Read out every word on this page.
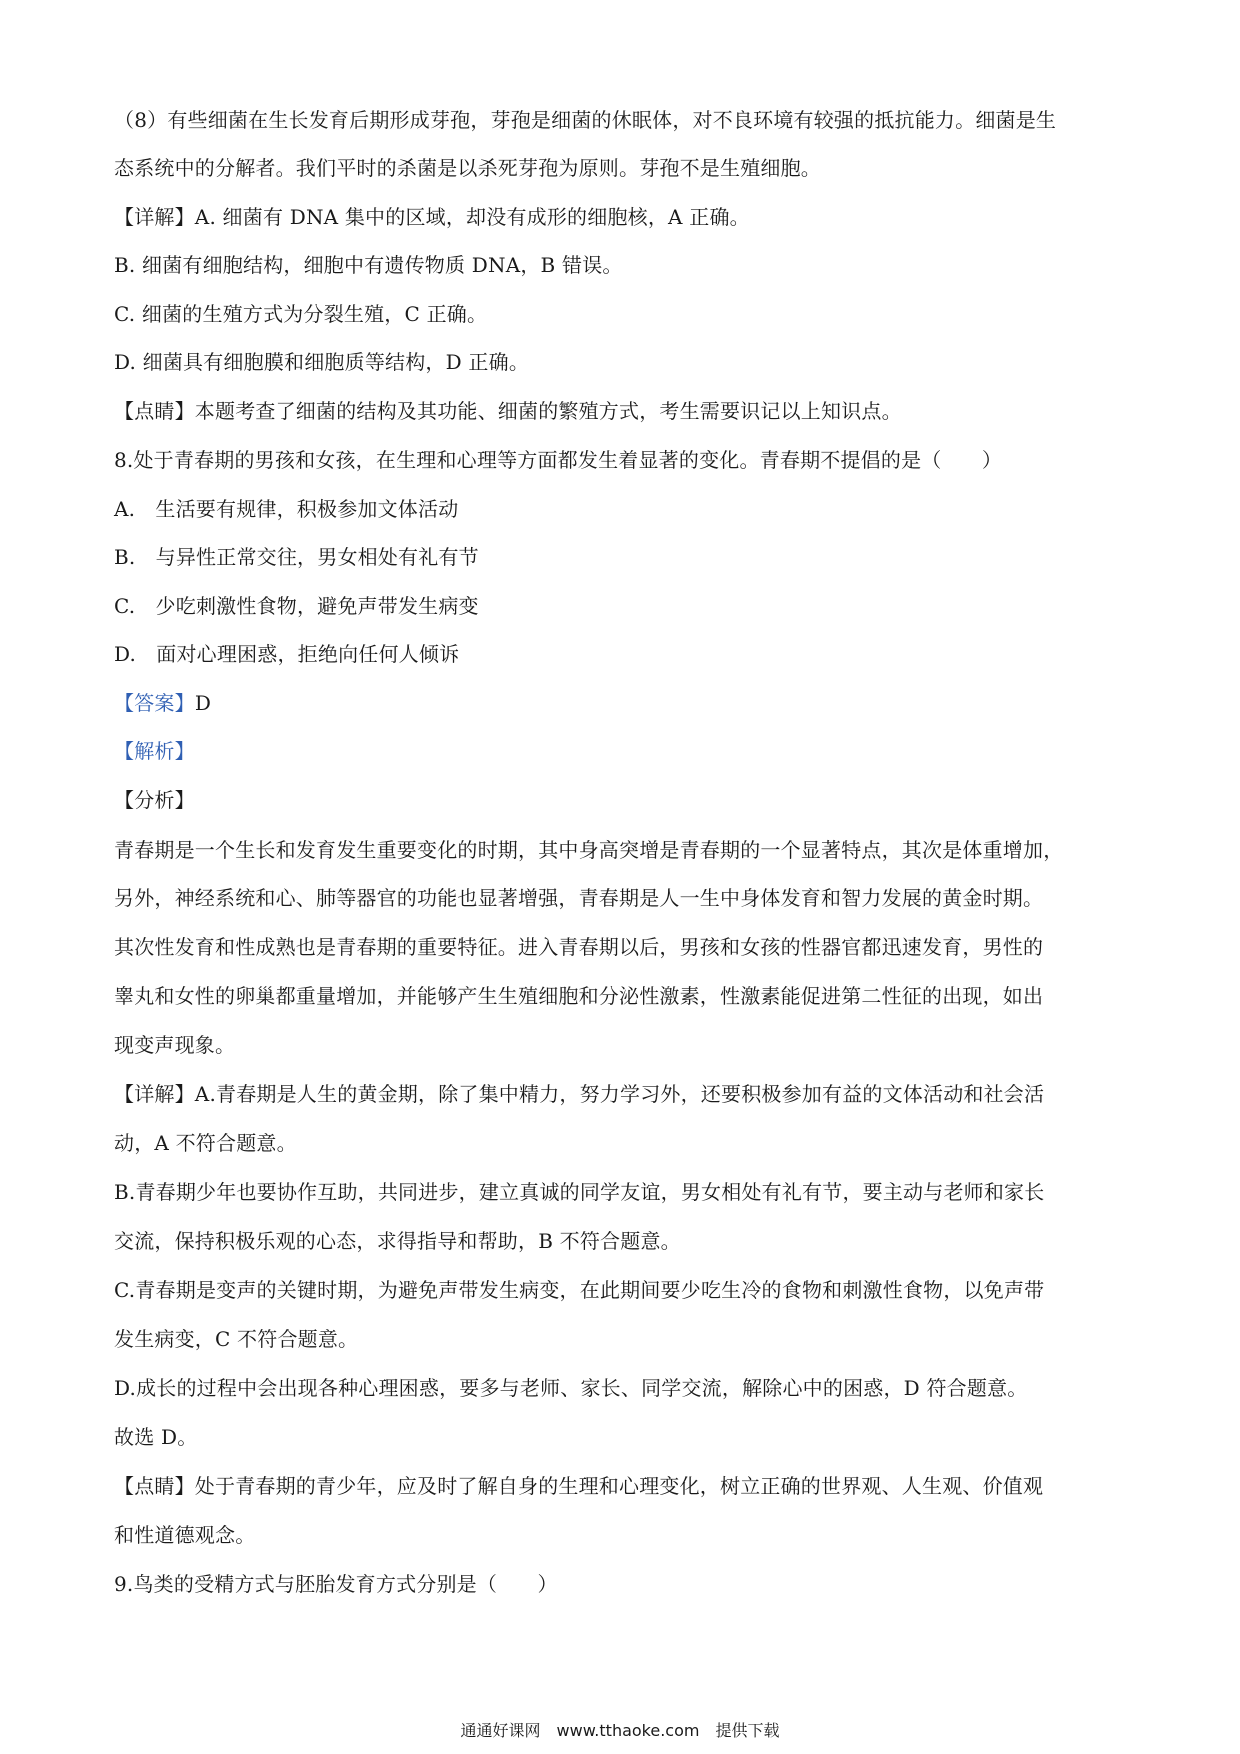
（8）有些细菌在生长发育后期形成芽孢，芽孢是细菌的休眠体，对不良环境有较强的抵抗能力。细菌是生
态系统中的分解者。我们平时的杀菌是以杀死芽孢为原则。芽孢不是生殖细胞。
【详解】A. 细菌有 DNA 集中的区域，却没有成形的细胞核，A 正确。
B. 细菌有细胞结构，细胞中有遗传物质 DNA，B 错误。
C. 细菌的生殖方式为分裂生殖，C 正确。
D. 细菌具有细胞膜和细胞质等结构，D 正确。
【点睛】本题考查了细菌的结构及其功能、细菌的繁殖方式，考生需要识记以上知识点。
8.处于青春期的男孩和女孩，在生理和心理等方面都发生着显著的变化。青春期不提倡的是（　　）
A.　生活要有规律，积极参加文体活动
B.　与异性正常交往，男女相处有礼有节
C.　少吃刺激性食物，避免声带发生病变
D.　面对心理困惑，拒绝向任何人倾诉
【答案】D
【解析】
【分析】
青春期是一个生长和发育发生重要变化的时期，其中身高突增是青春期的一个显著特点，其次是体重增加，
另外，神经系统和心、肺等器官的功能也显著增强，青春期是人一生中身体发育和智力发展的黄金时期。
其次性发育和性成熟也是青春期的重要特征。进入青春期以后，男孩和女孩的性器官都迅速发育，男性的
睾丸和女性的卵巢都重量增加，并能够产生生殖细胞和分泌性激素，性激素能促进第二性征的出现，如出
现变声现象。
【详解】A.青春期是人生的黄金期，除了集中精力，努力学习外，还要积极参加有益的文体活动和社会活
动，A 不符合题意。
B.青春期少年也要协作互助，共同进步，建立真诚的同学友谊，男女相处有礼有节，要主动与老师和家长
交流，保持积极乐观的心态，求得指导和帮助，B 不符合题意。
C.青春期是变声的关键时期，为避免声带发生病变，在此期间要少吃生冷的食物和刺激性食物，以免声带
发生病变，C 不符合题意。
D.成长的过程中会出现各种心理困惑，要多与老师、家长、同学交流，解除心中的困惑，D 符合题意。
故选 D。
【点睛】处于青春期的青少年，应及时了解自身的生理和心理变化，树立正确的世界观、人生观、价值观
和性道德观念。
9.鸟类的受精方式与胚胎发育方式分别是（　　）
通通好课网　www.tthaoke.com　提供下载
